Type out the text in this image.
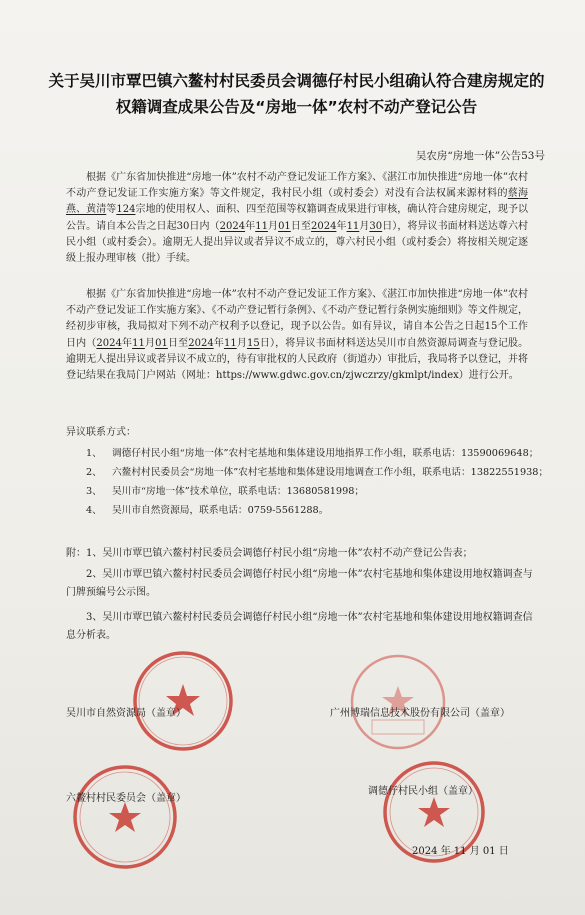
关于吴川市覃巴镇六鳌村村民委员会调德仔村民小组确认符合建房规定的权籍调查成果公告及“房地一体”农村不动产登记公告
吴农房“房地一体”公告53号

根据《广东省加快推进“房地一体”农村不动产登记发证工作方案》、《湛江市加快推进“房地一体”农村不动产登记发证工作实施方案》等文件规定，我村民小组（或村委会）对没有合法权属来源材料的蔡海燕、黄清等124宗地的使用权人、面积、四至范围等权籍调查成果进行审核，确认符合建房规定，现予以公告。请自本公告之日起30日内（2024年11月01日至2024年11月30日），将异议书面材料送达尊六村民小组（或村委会）。逾期无人提出异议或者异议不成立的，尊六村民小组（或村委会）将按相关规定逐级上报办理审核（批）手续。

根据《广东省加快推进“房地一体”农村不动产登记发证工作方案》、《湛江市加快推进“房地一体”农村不动产登记发证工作实施方案》、《不动产登记暂行条例》、《不动产登记暂行条例实施细则》等文件规定，经初步审核，我局拟对下列不动产权利予以登记，现予以公告。如有异议，请自本公告之日起15个工作日内（2024年11月01日至2024年11月15日），将异议书面材料送达吴川市自然资源局调查与登记股。逾期无人提出异议或者异议不成立的，待有审批权的人民政府（街道办）审批后，我局将予以登记，并将登记结果在我局门户网站（网址：https://www.gdwc.gov.cn/zjwczrzy/gkmlpt/index）进行公开。

异议联系方式：
1、	调德仔村民小组“房地一体”农村宅基地和集体建设用地指界工作小组，联系电话：13590069648；
2、	六鳌村村民委员会“房地一体”农村宅基地和集体建设用地调查工作小组，联系电话：13822551938；
3、	吴川市“房地一体”技术单位，联系电话：13680581998；
4、	吴川市自然资源局，联系电话：0759-5561288。

附：1、吴川市覃巴镇六鳌村村民委员会调德仔村民小组“房地一体”农村不动产登记公告表；

2、吴川市覃巴镇六鳌村村民委员会调德仔村民小组“房地一体”农村宅基地和集体建设用地权籍调查与门牌预编号公示图。

3、吴川市覃巴镇六鳌村村民委员会调德仔村民小组“房地一体”农村宅基地和集体建设用地权籍调查信息分析表。

吴川市自然资源局（盖章）	广州博瑞信息技术股份有限公司（盖章）
六鳌村村民委员会（盖章）
调德仔村民小组（盖章）
2024 年 11 月 01 日
